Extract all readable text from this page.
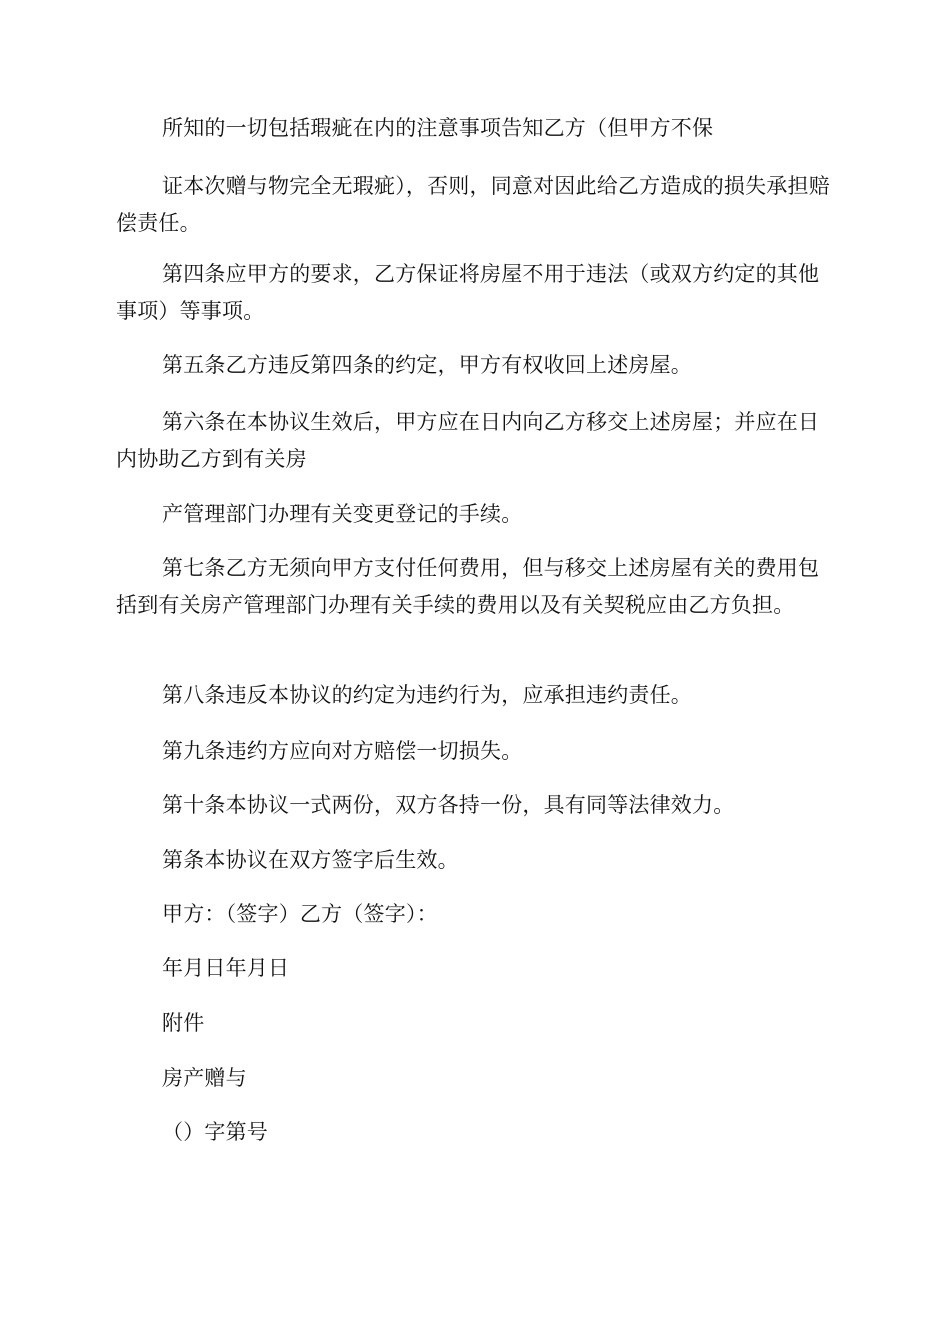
所知的一切包括瑕疵在内的注意事项告知乙方（但甲方不保

证本次赠与物完全无瑕疵），否则，同意对因此给乙方造成的损失承担赔偿责任。

第四条应甲方的要求，乙方保证将房屋不用于违法（或双方约定的其他事项）等事项。

第五条乙方违反第四条的约定，甲方有权收回上述房屋。

第六条在本协议生效后，甲方应在日内向乙方移交上述房屋；并应在日内协助乙方到有关房

产管理部门办理有关变更登记的手续。

第七条乙方无须向甲方支付任何费用，但与移交上述房屋有关的费用包括到有关房产管理部门办理有关手续的费用以及有关契税应由乙方负担。

第八条违反本协议的约定为违约行为，应承担违约责任。

第九条违约方应向对方赔偿一切损失。

第十条本协议一式两份，双方各持一份，具有同等法律效力。

第条本协议在双方签字后生效。

甲方：（签字）乙方（签字）：

年月日年月日

附件

房产赠与

（）字第号
